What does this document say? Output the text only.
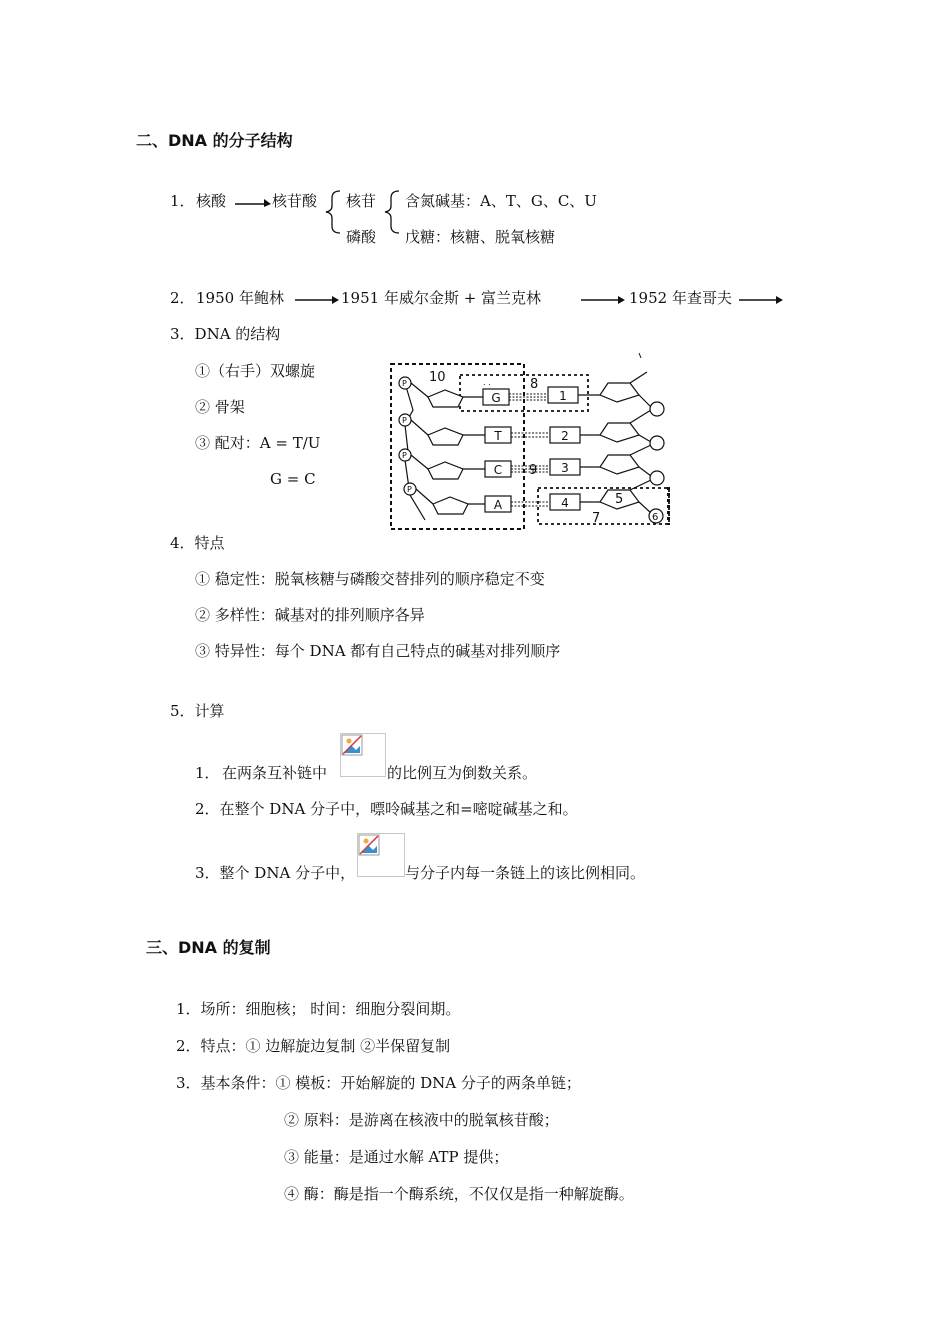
二、DNA 的分子结构
1． 核酸	核苷酸 核苷
磷酸
含氮碱基：A、T、G、C、U
戊糖：核糖、脱氧核糖
2． 1950 年鲍林	1951 年威尔金斯 + 富兰克林	1952 年查哥夫
3．DNA 的结构
①（右手）双螺旋
② 骨架
③ 配对：A = T/U
G = C
P
P
P
P
G
T
C
A
1
2
3
4
10	8
9
5
7	6
. .
4．特点
① 稳定性：脱氧核糖与磷酸交替排列的顺序稳定不变
② 多样性：碱基对的排列顺序各异
③ 特异性：每个 DNA 都有自己特点的碱基对排列顺序
5．计算
1． 在两条互补链中	的比例互为倒数关系。
2．在整个 DNA 分子中，嘌呤碱基之和=嘧啶碱基之和。
3．整个 DNA 分子中，	与分子内每一条链上的该比例相同。
三、DNA 的复制
1．场所：细胞核； 时间：细胞分裂间期。
2．特点：① 边解旋边复制 ②半保留复制
3．基本条件：① 模板：开始解旋的 DNA 分子的两条单链；
② 原料：是游离在核液中的脱氧核苷酸；
③ 能量：是通过水解 ATP 提供；
④ 酶：酶是指一个酶系统，不仅仅是指一种解旋酶。
